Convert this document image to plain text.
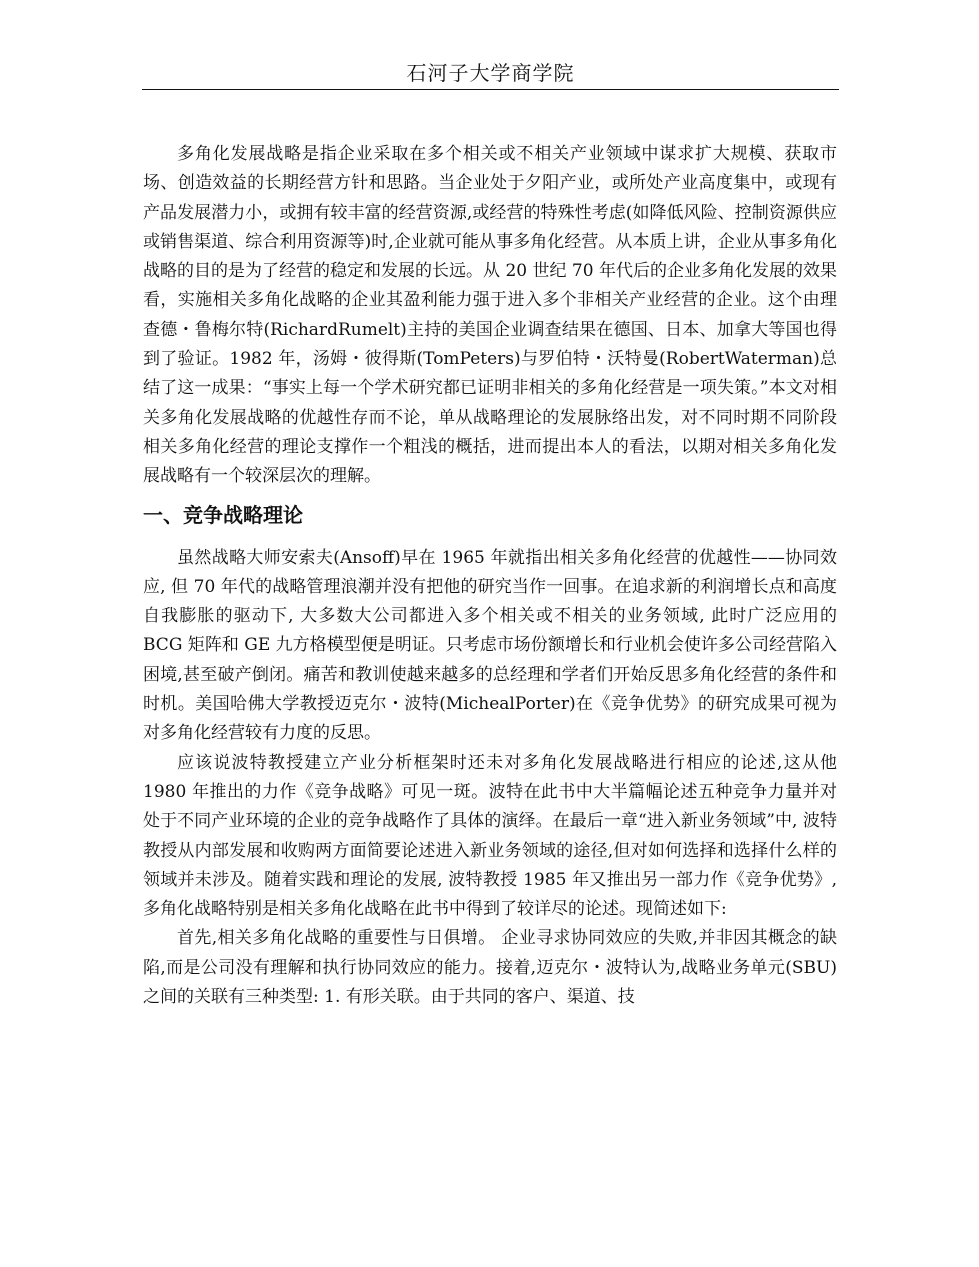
石河子大学商学院

多角化发展战略是指企业采取在多个相关或不相关产业领域中谋求扩大规模、获取市场、创造效益的长期经营方针和思路。当企业处于夕阳产业，或所处产业高度集中，或现有产品发展潜力小，或拥有较丰富的经营资源,或经营的特殊性考虑(如降低风险、控制资源供应或销售渠道、综合利用资源等)时,企业就可能从事多角化经营。从本质上讲，企业从事多角化战略的目的是为了经营的稳定和发展的长远。从 20 世纪 70 年代后的企业多角化发展的效果看，实施相关多角化战略的企业其盈利能力强于进入多个非相关产业经营的企业。这个由理查德・鲁梅尔特(RichardRumelt)主持的美国企业调查结果在德国、日本、加拿大等国也得到了验证。1982 年，汤姆・彼得斯(TomPeters)与罗伯特・沃特曼(RobertWaterman)总结了这一成果：“事实上每一个学术研究都已证明非相关的多角化经营是一项失策。”本文对相关多角化发展战略的优越性存而不论，单从战略理论的发展脉络出发，对不同时期不同阶段相关多角化经营的理论支撑作一个粗浅的概括，进而提出本人的看法，以期对相关多角化发展战略有一个较深层次的理解。

一、竞争战略理论

虽然战略大师安索夫(Ansoff)早在 1965 年就指出相关多角化经营的优越性——协同效应, 但 70 年代的战略管理浪潮并没有把他的研究当作一回事。在追求新的利润增长点和高度自我膨胀的驱动下, 大多数大公司都进入多个相关或不相关的业务领域, 此时广泛应用的 BCG 矩阵和 GE 九方格模型便是明证。只考虑市场份额增长和行业机会使许多公司经营陷入困境,甚至破产倒闭。痛苦和教训使越来越多的总经理和学者们开始反思多角化经营的条件和时机。美国哈佛大学教授迈克尔・波特(MichealPorter)在《竞争优势》的研究成果可视为对多角化经营较有力度的反思。

应该说波特教授建立产业分析框架时还未对多角化发展战略进行相应的论述,这从他 1980 年推出的力作《竞争战略》可见一斑。波特在此书中大半篇幅论述五种竞争力量并对处于不同产业环境的企业的竞争战略作了具体的演绎。在最后一章“进入新业务领域”中, 波特教授从内部发展和收购两方面简要论述进入新业务领域的途径,但对如何选择和选择什么样的领域并未涉及。随着实践和理论的发展, 波特教授 1985 年又推出另一部力作《竞争优势》, 多角化战略特别是相关多角化战略在此书中得到了较详尽的论述。现简述如下:

首先,相关多角化战略的重要性与日俱增。 企业寻求协同效应的失败,并非因其概念的缺陷,而是公司没有理解和执行协同效应的能力。接着,迈克尔・波特认为,战略业务单元(SBU)之间的关联有三种类型: 1. 有形关联。由于共同的客户、渠道、技
